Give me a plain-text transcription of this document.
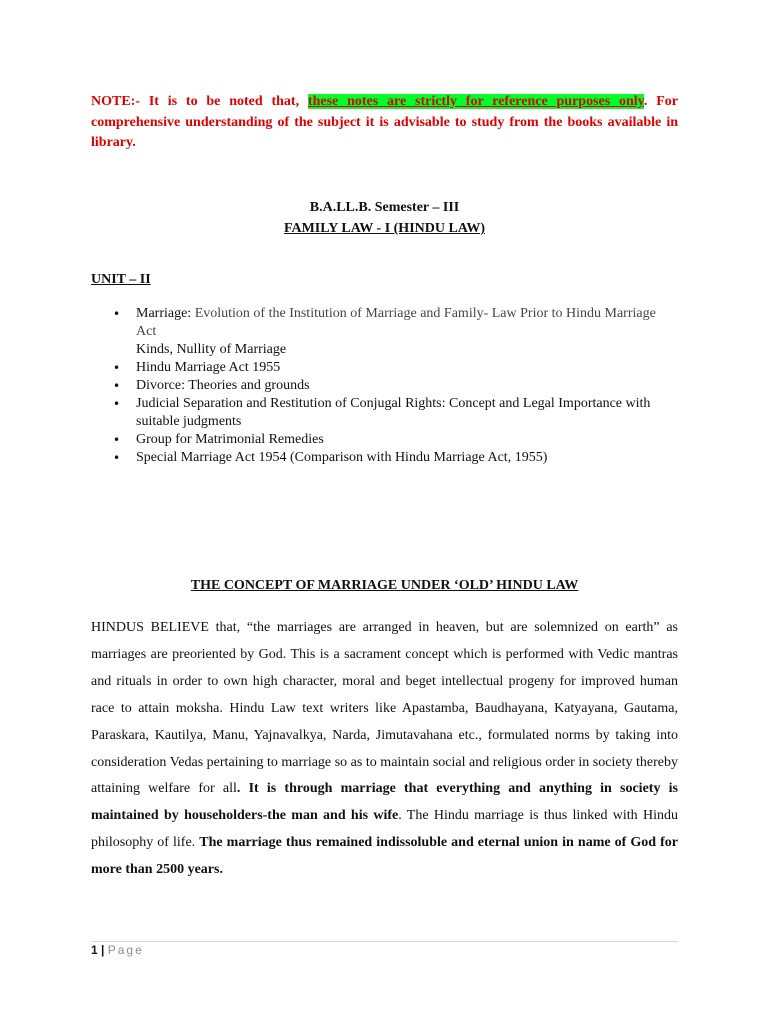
NOTE:- It is to be noted that, these notes are strictly for reference purposes only. For comprehensive understanding of the subject it is advisable to study from the books available in library.

B.A.LL.B. Semester – III
FAMILY LAW - I (HINDU LAW)
UNIT – II
• Marriage: Evolution of the Institution of Marriage and Family- Law Prior to Hindu Marriage Act
Kinds, Nullity of Marriage
• Hindu Marriage Act 1955
• Divorce: Theories and grounds
• Judicial Separation and Restitution of Conjugal Rights: Concept and Legal Importance with suitable judgments
• Group for Matrimonial Remedies
• Special Marriage Act 1954 (Comparison with Hindu Marriage Act, 1955)
THE CONCEPT OF MARRIAGE UNDER ‘OLD’ HINDU LAW

HINDUS BELIEVE that, “the marriages are arranged in heaven, but are solemnized on earth” as marriages are preoriented by God. This is a sacrament concept which is performed with Vedic mantras and rituals in order to own high character, moral and beget intellectual progeny for improved human race to attain moksha. Hindu Law text writers like Apastamba, Baudhayana, Katyayana, Gautama, Paraskara, Kautilya, Manu, Yajnavalkya, Narda, Jimutavahana etc., formulated norms by taking into consideration Vedas pertaining to marriage so as to maintain social and religious order in society thereby attaining welfare for all. It is through marriage that everything and anything in society is maintained by householders-the man and his wife. The Hindu marriage is thus linked with Hindu philosophy of life. The marriage thus remained indissoluble and eternal union in name of God for more than 2500 years.

1 | Page
